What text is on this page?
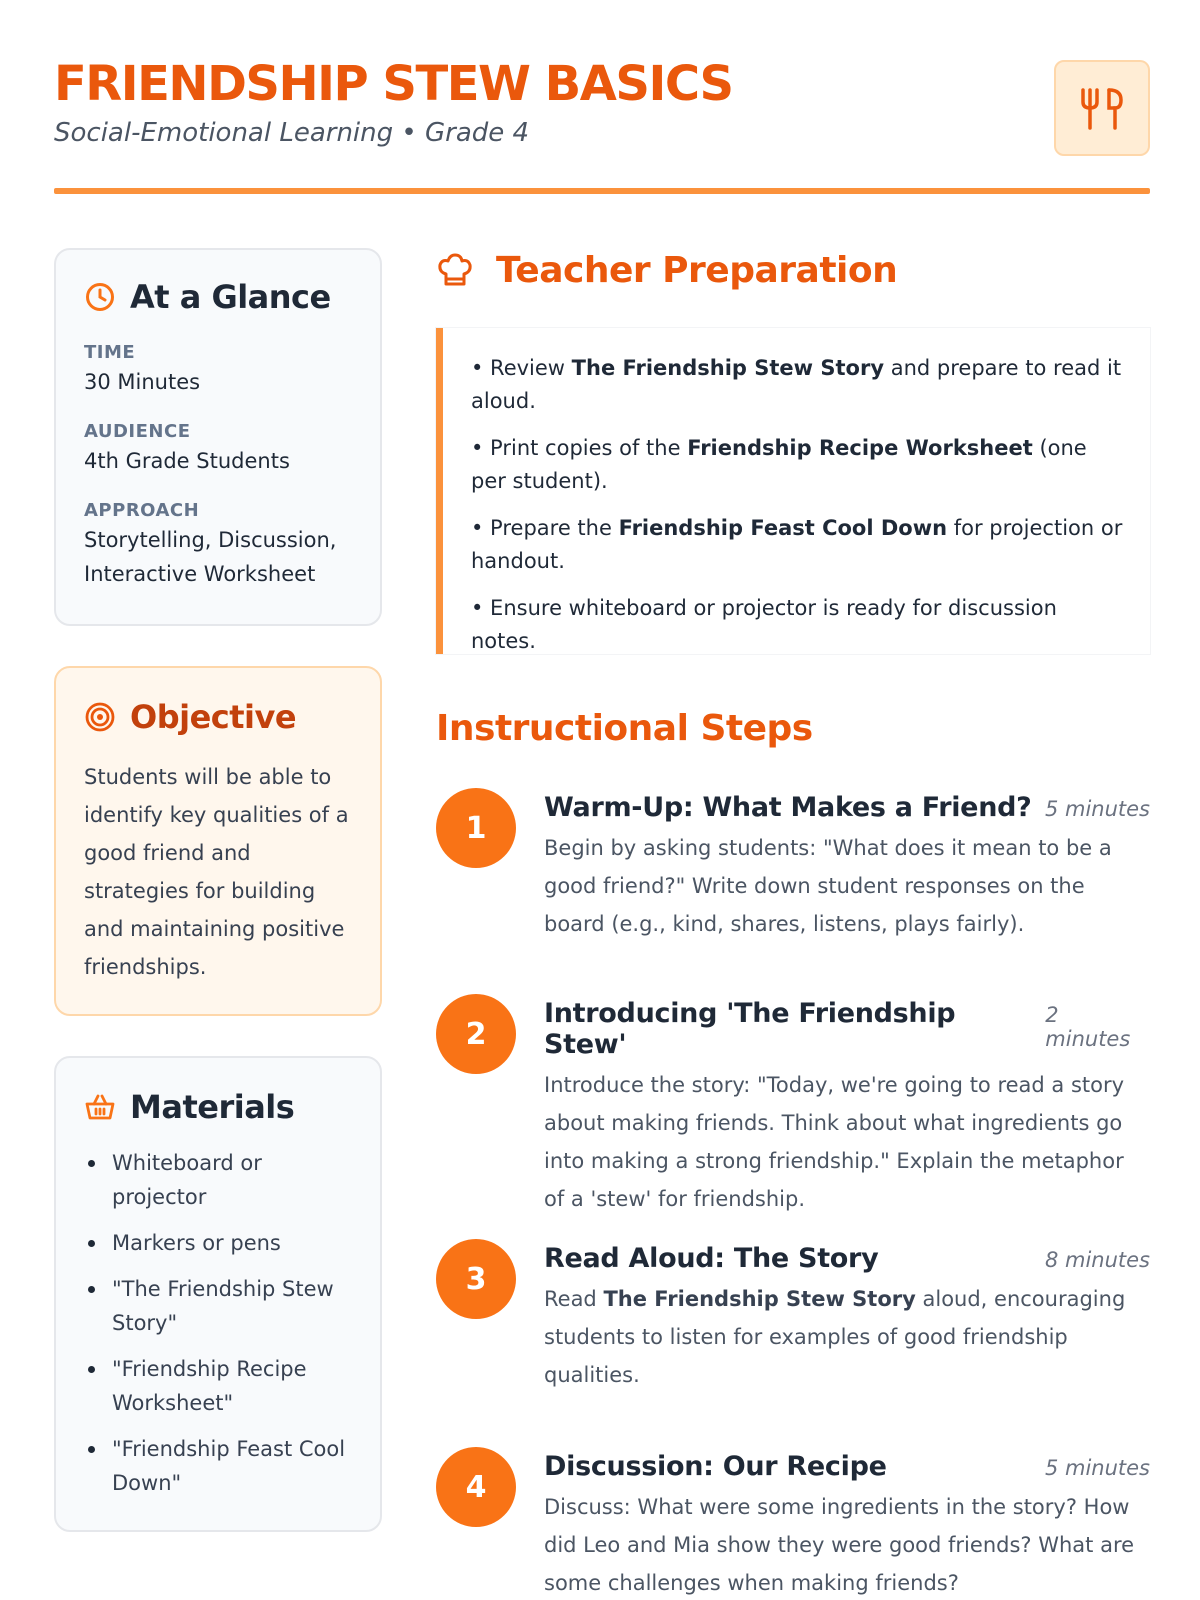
FRIENDSHIP STEW BASICS
Social-Emotional Learning • Grade 4
At a Glance
TIME
30 Minutes
AUDIENCE
4th Grade Students
APPROACH
Storytelling, Discussion, Interactive Worksheet
Objective
Students will be able to identify key qualities of a good friend and strategies for building and maintaining positive friendships.
Materials
Whiteboard or projector
Markers or pens
"The Friendship Stew Story"
"Friendship Recipe Worksheet"
"Friendship Feast Cool Down"
Teacher Preparation
• Review The Friendship Stew Story and prepare to read it aloud.
• Print copies of the Friendship Recipe Worksheet (one per student).
• Prepare the Friendship Feast Cool Down for projection or handout.
• Ensure whiteboard or projector is ready for discussion notes.
Instructional Steps
1
Warm-Up: What Makes a Friend? 5 minutes
Begin by asking students: "What does it mean to be a good friend?" Write down student responses on the board (e.g., kind, shares, listens, plays fairly).
2
Introducing 'The Friendship Stew'
2 minutes
Introduce the story: "Today, we're going to read a story about making friends. Think about what ingredients go into making a strong friendship." Explain the metaphor of a 'stew' for friendship.
3
Read Aloud: The Story	8 minutes
Read The Friendship Stew Story aloud, encouraging students to listen for examples of good friendship qualities.
4
Discussion: Our Recipe	5 minutes
Discuss: What were some ingredients in the story? How did Leo and Mia show they were good friends? What are some challenges when making friends?
